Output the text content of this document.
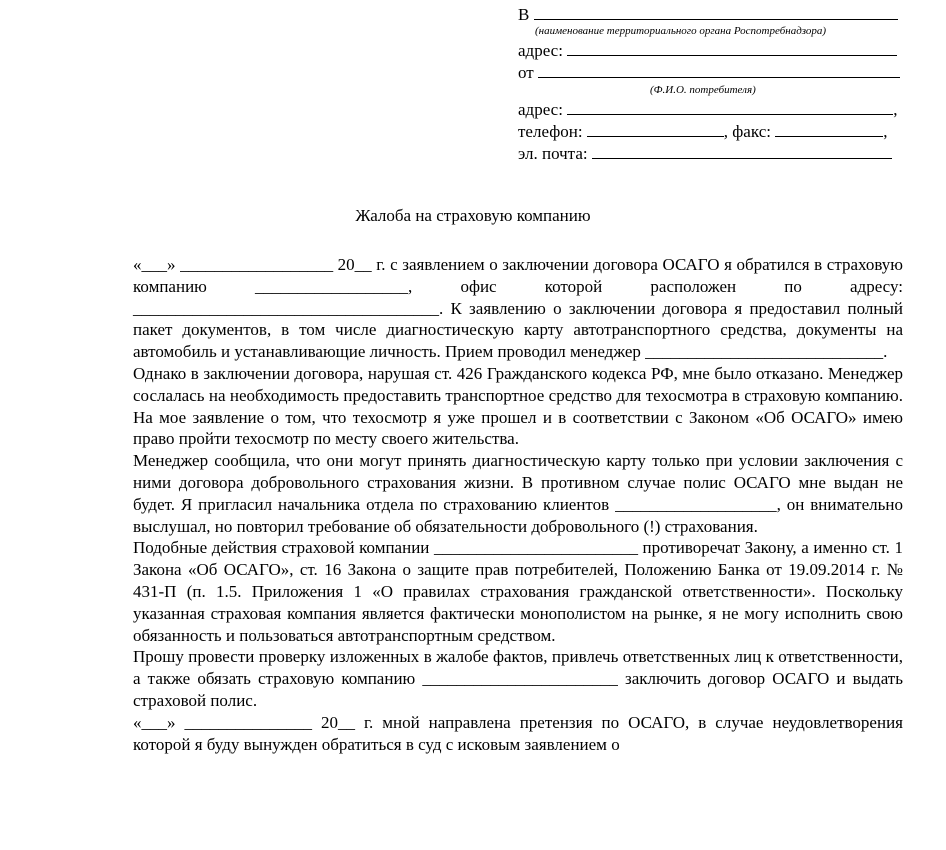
В
(наименование территориального органа Роспотребнадзора)
адрес:
от
(Ф.И.О. потребителя)
адрес:	,
телефон:	, факс:	,
эл. почта:
Жалоба на страховую компанию

«___» __________________ 20__ г. с заявлением о заключении договора ОСАГО я обратился в страховую компанию __________________, офис которой расположен по адресу: ____________________________________. К заявлению о заключении договора я предоставил полный пакет документов, в том числе диагностическую карту автотранспортного средства, документы на автомобиль и устанавливающие личность. Прием проводил менеджер ____________________________.

Однако в заключении договора, нарушая ст. 426 Гражданского кодекса РФ, мне было отказано. Менеджер сослалась на необходимость предоставить транспортное средство для техосмотра в страховую компанию. На мое заявление о том, что техосмотр я уже прошел и в соответствии с Законом «Об ОСАГО» имею право пройти техосмотр по месту своего жительства.

Менеджер сообщила, что они могут принять диагностическую карту только при условии заключения с ними договора добровольного страхования жизни. В противном случае полис ОСАГО мне выдан не будет. Я пригласил начальника отдела по страхованию клиентов ___________________, он внимательно выслушал, но повторил требование об обязательности добровольного (!) страхования.

Подобные действия страховой компании ________________________ противоречат Закону, а именно ст. 1 Закона «Об ОСАГО», ст. 16 Закона о защите прав потребителей, Положению Банка от 19.09.2014 г. № 431-П (п. 1.5. Приложения 1 «О правилах страхования гражданской ответственности». Поскольку указанная страховая компания является фактически монополистом на рынке, я не могу исполнить свою обязанность и пользоваться автотранспортным средством.

Прошу провести проверку изложенных в жалобе фактов, привлечь ответственных лиц к ответственности, а также обязать страховую компанию _______________________ заключить договор ОСАГО и выдать страховой полис.

«___» _______________ 20__ г. мной направлена претензия по ОСАГО, в случае неудовлетворения которой я буду вынужден обратиться в суд с исковым заявлением о
